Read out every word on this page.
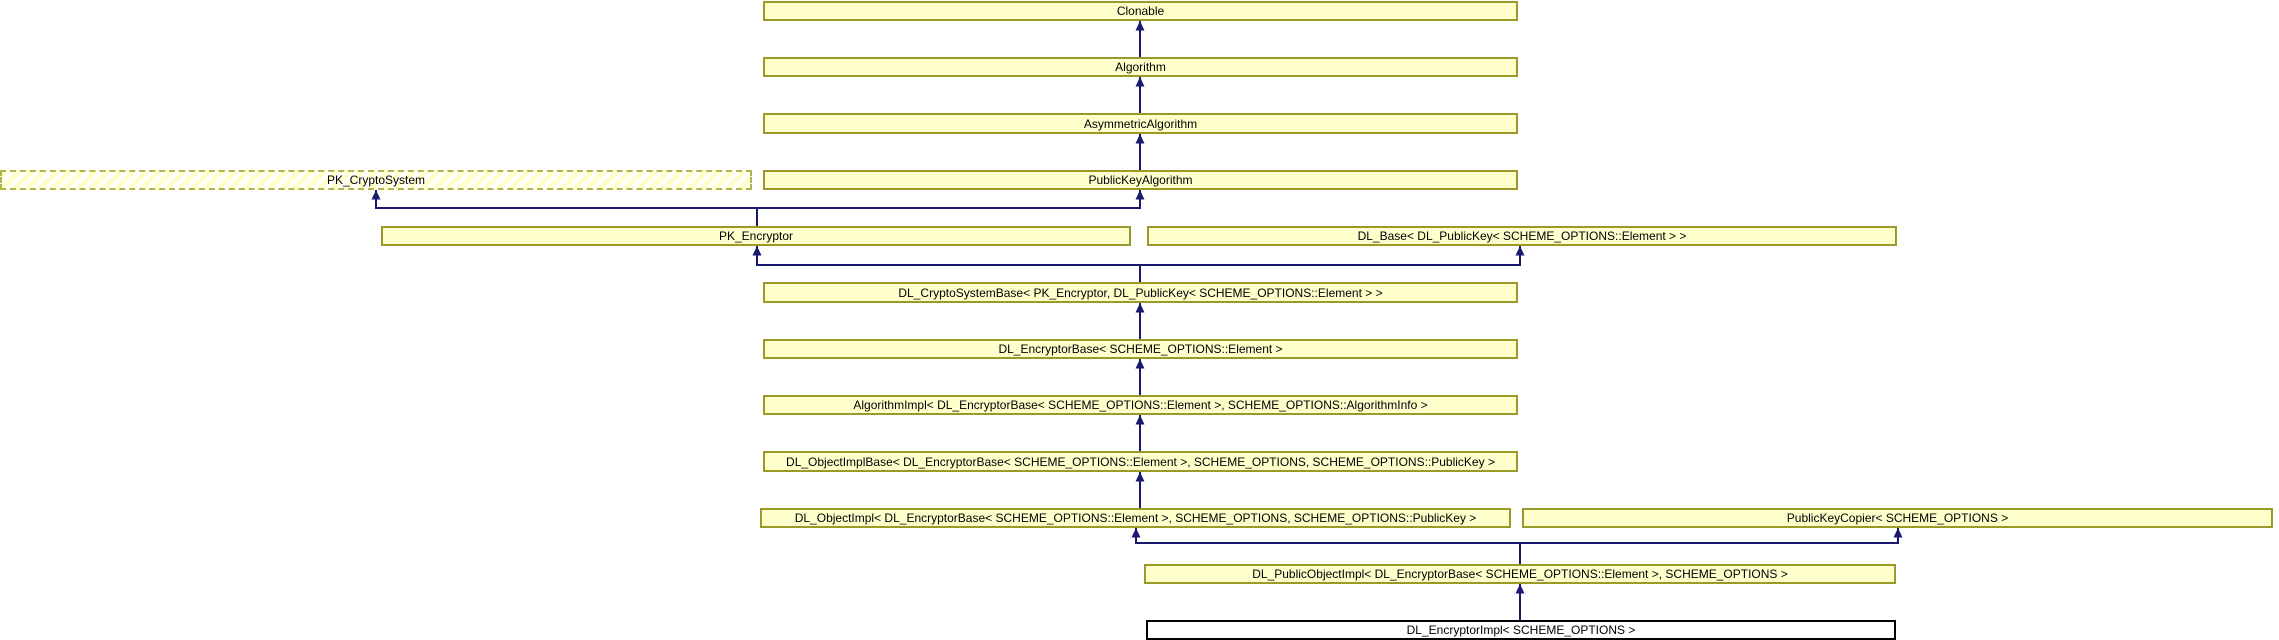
Clonable
Algorithm
AsymmetricAlgorithm
PK_CryptoSystem	PublicKeyAlgorithm
PK_Encryptor	DL_Base< DL_PublicKey< SCHEME_OPTIONS::Element > >
DL_CryptoSystemBase< PK_Encryptor, DL_PublicKey< SCHEME_OPTIONS::Element > >
DL_EncryptorBase< SCHEME_OPTIONS::Element >
AlgorithmImpl< DL_EncryptorBase< SCHEME_OPTIONS::Element >, SCHEME_OPTIONS::AlgorithmInfo >
DL_ObjectImplBase< DL_EncryptorBase< SCHEME_OPTIONS::Element >, SCHEME_OPTIONS, SCHEME_OPTIONS::PublicKey >
DL_ObjectImpl< DL_EncryptorBase< SCHEME_OPTIONS::Element >, SCHEME_OPTIONS, SCHEME_OPTIONS::PublicKey >	PublicKeyCopier< SCHEME_OPTIONS >
DL_PublicObjectImpl< DL_EncryptorBase< SCHEME_OPTIONS::Element >, SCHEME_OPTIONS >
DL_EncryptorImpl< SCHEME_OPTIONS >
